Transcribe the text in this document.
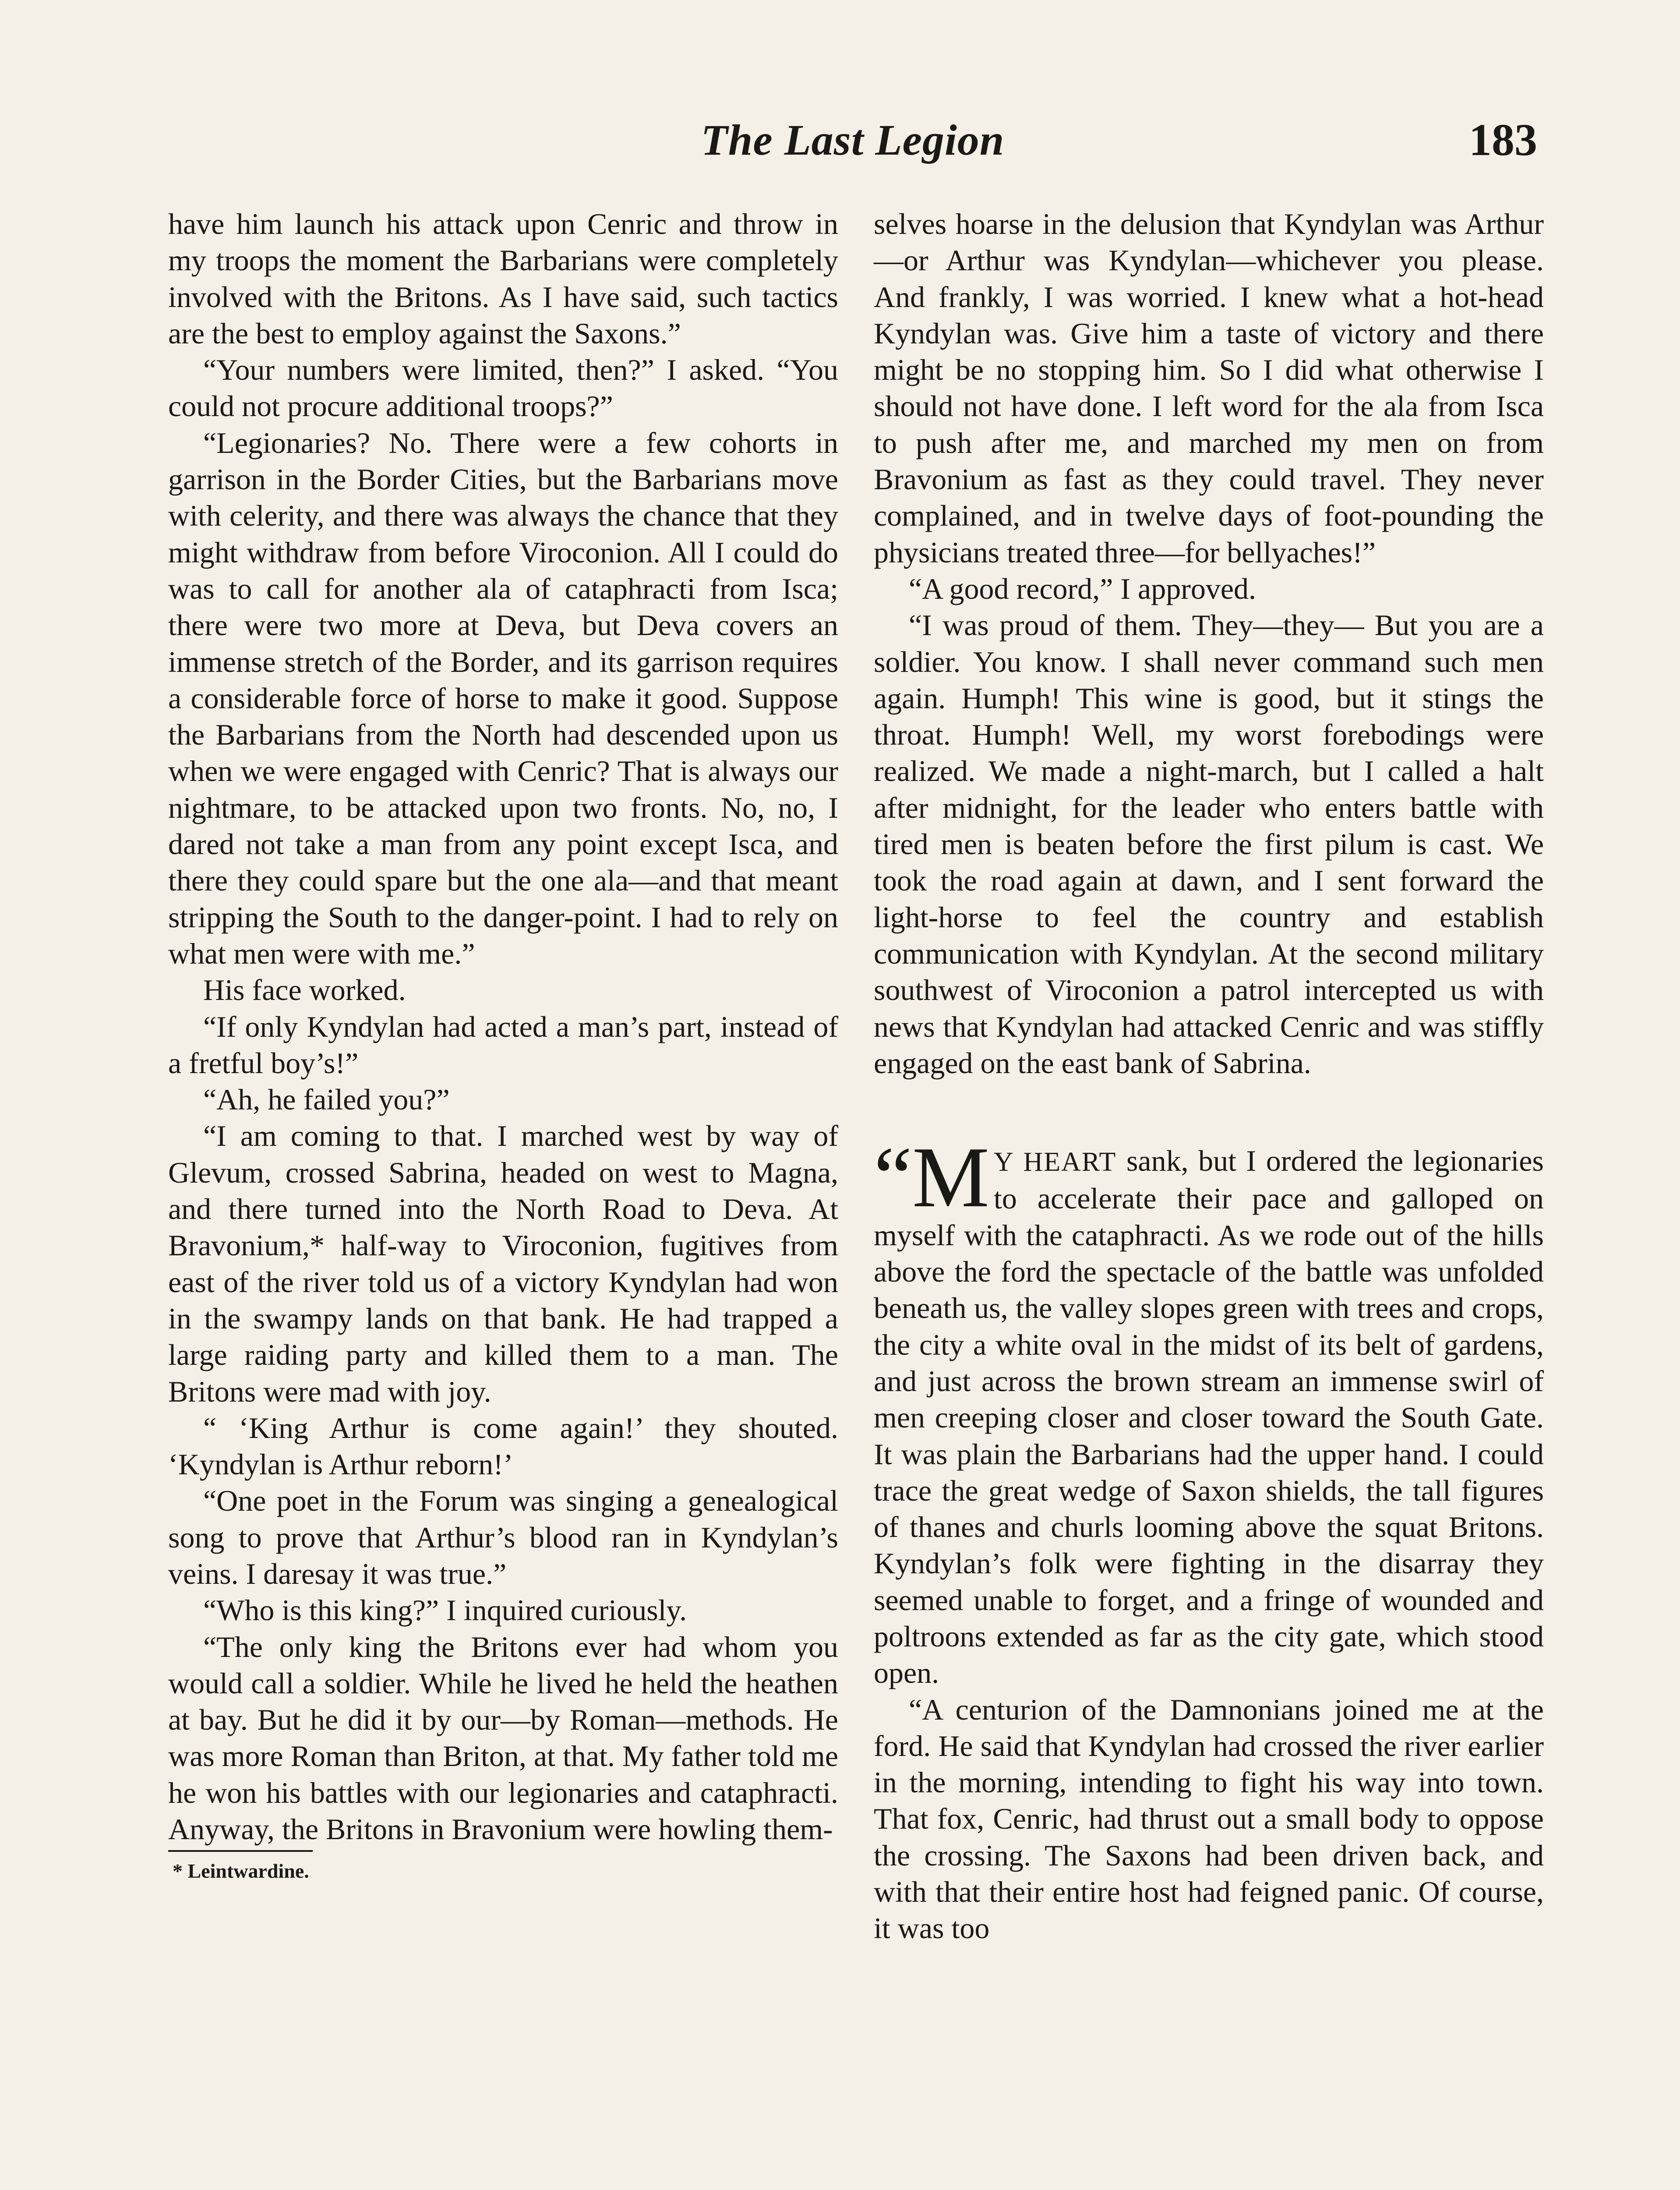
The Last Legion	183

have him launch his attack upon Cenric and throw in my troops the moment the Barbarians were completely involved with the Britons. As I have said, such tactics are the best to employ against the Saxons.”

“Your numbers were limited, then?” I asked. “You could not procure additional troops?”

“Legionaries? No. There were a few cohorts in garrison in the Border Cities, but the Barbarians move with celerity, and there was always the chance that they might withdraw from before Viroconion. All I could do was to call for another ala of cataphracti from Isca; there were two more at Deva, but Deva covers an immense stretch of the Border, and its garrison requires a considerable force of horse to make it good. Suppose the Barbarians from the North had descended upon us when we were engaged with Cenric? That is always our nightmare, to be attacked upon two fronts. No, no, I dared not take a man from any point except Isca, and there they could spare but the one ala—and that meant stripping the South to the danger-point. I had to rely on what men were with me.”

His face worked.

“If only Kyndylan had acted a man’s part, instead of a fretful boy’s!”

“Ah, he failed you?”

“I am coming to that. I marched west by way of Glevum, crossed Sabrina, headed on west to Magna, and there turned into the North Road to Deva. At Bravonium,* half-way to Viroconion, fugitives from east of the river told us of a victory Kyndylan had won in the swampy lands on that bank. He had trapped a large raiding party and killed them to a man. The Britons were mad with joy.

“ ‘King Arthur is come again!’ they shouted. ‘Kyndylan is Arthur reborn!’

“One poet in the Forum was singing a genealogical song to prove that Arthur’s blood ran in Kyndylan’s veins. I daresay it was true.”

“Who is this king?” I inquired curiously.

“The only king the Britons ever had whom you would call a soldier. While he lived he held the heathen at bay. But he did it by our—by Roman—methods. He was more Roman than Briton, at that. My father told me he won his battles with our legionaries and cataphracti. Anyway, the Britons in Bravonium were howling them-

* Leintwardine.

selves hoarse in the delusion that Kyndylan was Arthur—or Arthur was Kyndylan—whichever you please. And frankly, I was worried. I knew what a hot-head Kyndylan was. Give him a taste of victory and there might be no stopping him. So I did what otherwise I should not have done. I left word for the ala from Isca to push after me, and marched my men on from Bravonium as fast as they could travel. They never complained, and in twelve days of foot-pounding the physicians treated three—for bellyaches!”

“A good record,” I approved.

“I was proud of them. They—they— But you are a soldier. You know. I shall never command such men again. Humph! This wine is good, but it stings the throat. Humph! Well, my worst forebodings were realized. We made a night-march, but I called a halt after midnight, for the leader who enters battle with tired men is beaten before the first pilum is cast. We took the road again at dawn, and I sent forward the light-horse to feel the country and establish communication with Kyndylan. At the second military southwest of Viroconion a patrol intercepted us with news that Kyndylan had attacked Cenric and was stiffly engaged on the east bank of Sabrina.

“M Y HEART sank, but I ordered the legionaries to accelerate their pace and galloped on myself with the cataphracti. As we rode out of the hills above the ford the spectacle of the battle was unfolded beneath us, the valley slopes green with trees and crops, the city a white oval in the midst of its belt of gardens, and just across the brown stream an immense swirl of men creeping closer and closer toward the South Gate. It was plain the Barbarians had the upper hand. I could trace the great wedge of Saxon shields, the tall figures of thanes and churls looming above the squat Britons. Kyndylan’s folk were fighting in the disarray they seemed unable to forget, and a fringe of wounded and poltroons extended as far as the city gate, which stood open.

“A centurion of the Damnonians joined me at the ford. He said that Kyndylan had crossed the river earlier in the morning, intending to fight his way into town. That fox, Cenric, had thrust out a small body to oppose the crossing. The Saxons had been driven back, and with that their entire host had feigned panic. Of course, it was too
